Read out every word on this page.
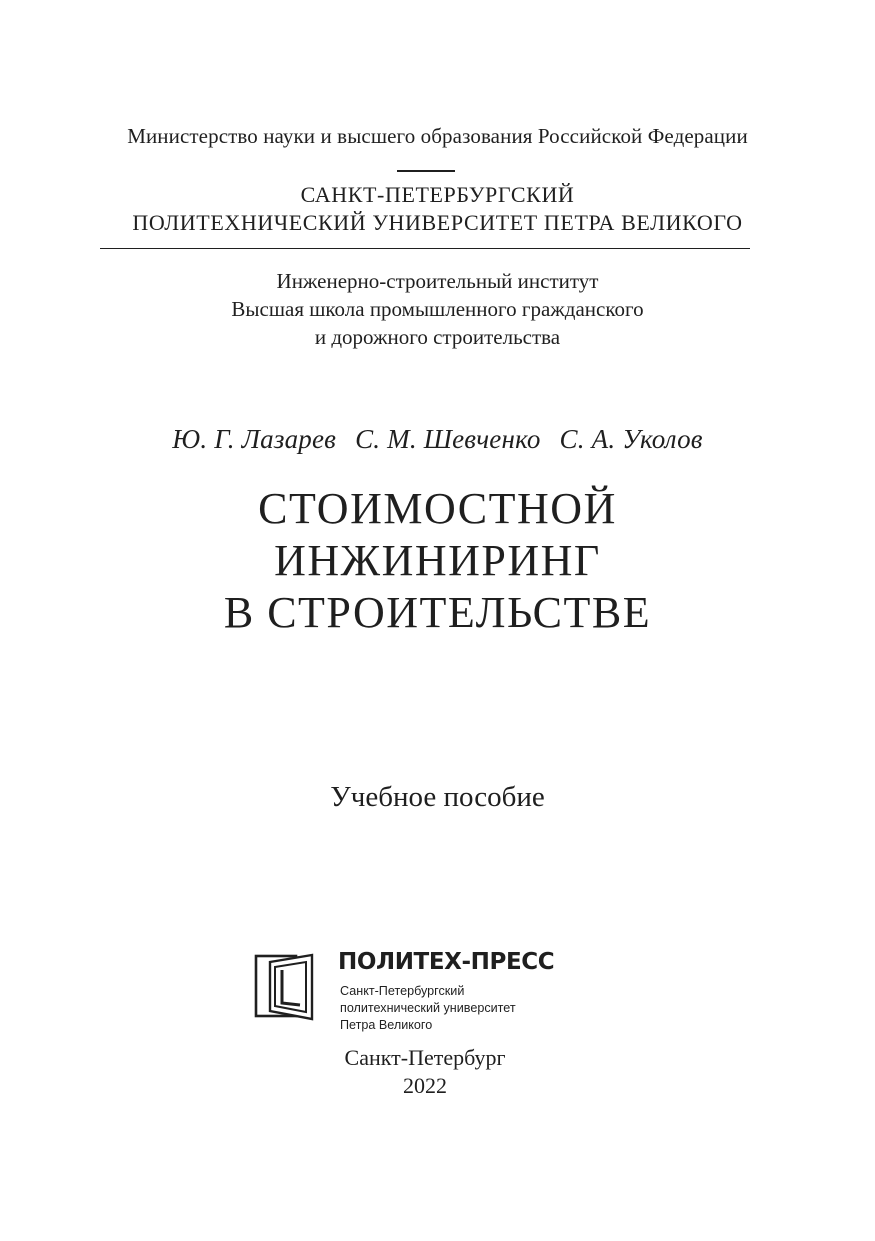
Министерство науки и высшего образования Российской Федерации
САНКТ-ПЕТЕРБУРГСКИЙ
ПОЛИТЕХНИЧЕСКИЙ УНИВЕРСИТЕТ ПЕТРА ВЕЛИКОГО
Инженерно-строительный институт
Высшая школа промышленного гражданского
и дорожного строительства
Ю. Г. Лазарев С. М. Шевченко С. А. Уколов
СТОИМОСТНОЙ
ИНЖИНИРИНГ
В СТРОИТЕЛЬСТВЕ
Учебное пособие
ПОЛИТЕХ-ПРЕСС
Санкт-Петербургский
политехнический университет
Петра Великого
Санкт-Петербург
2022
